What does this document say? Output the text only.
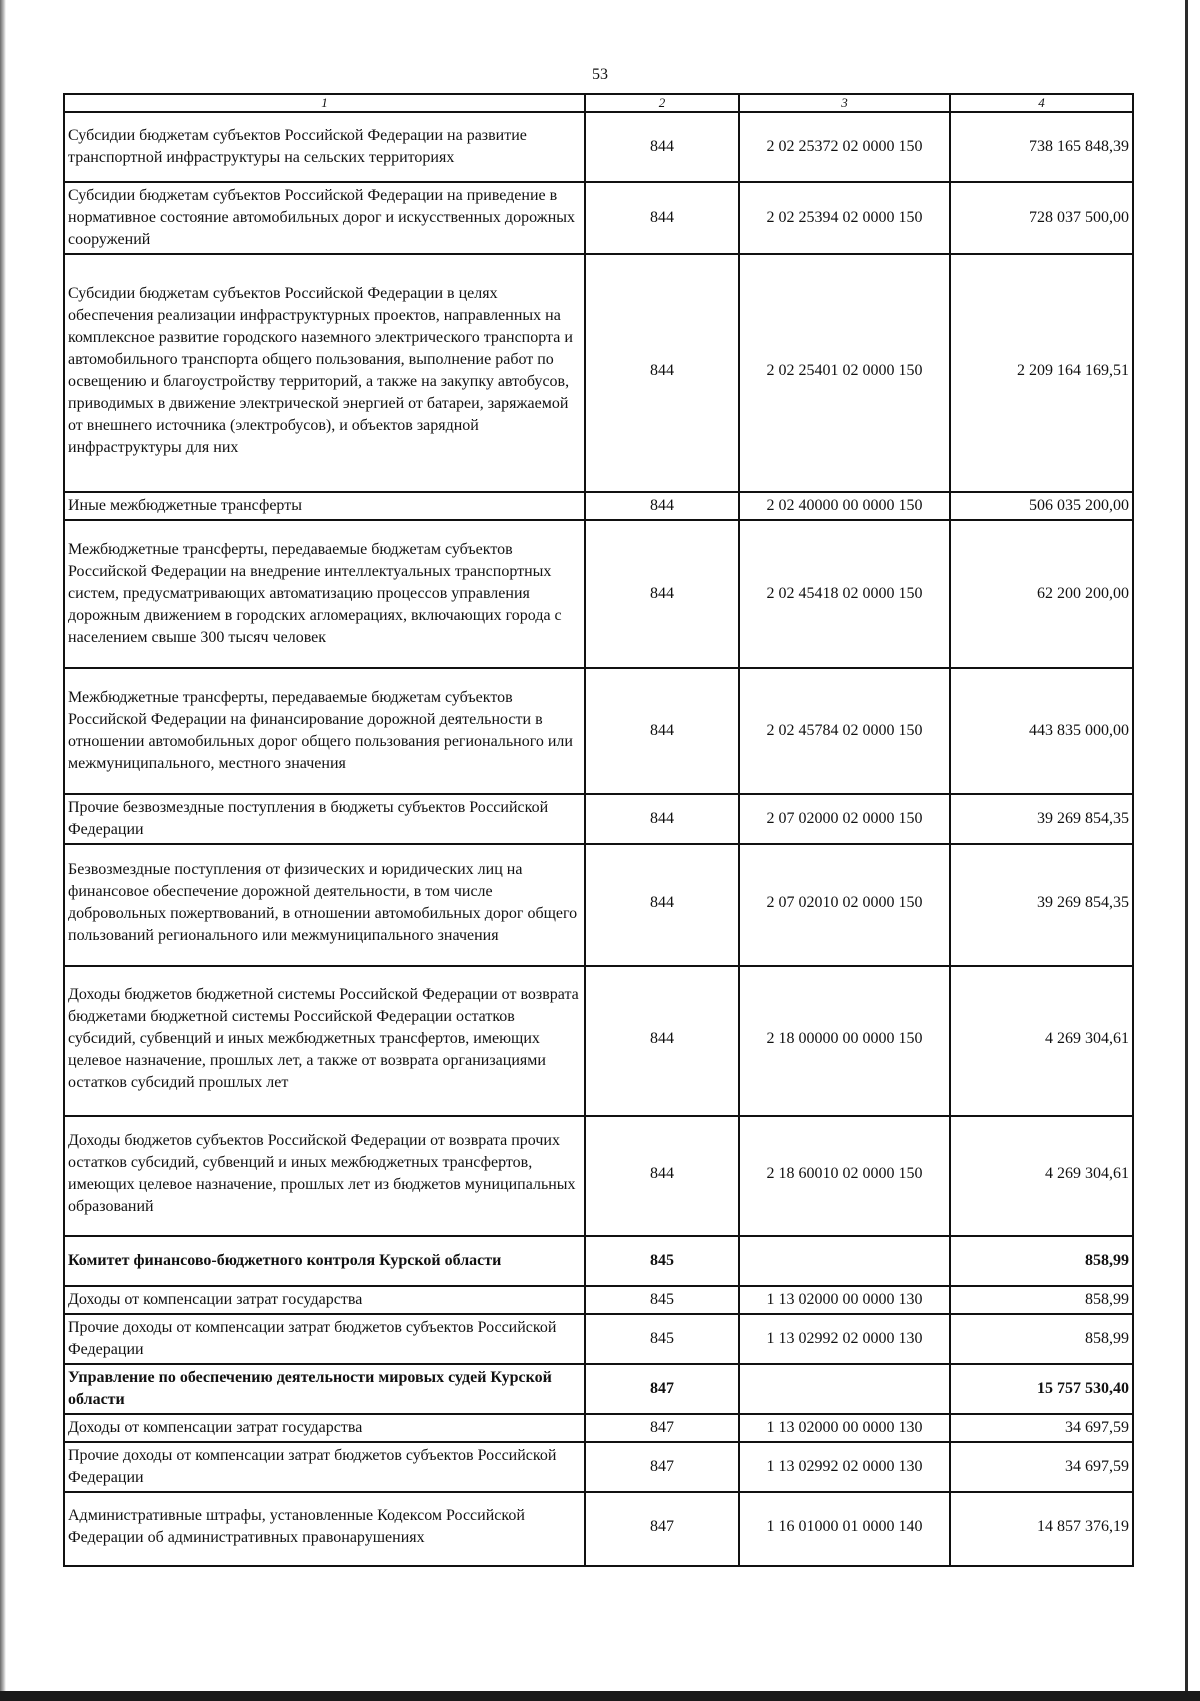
53
1	2	3	4
Субсидии бюджетам субъектов Российской Федерации на развитие транспортной инфраструктуры на сельских территориях	844	2 02 25372 02 0000 150	738 165 848,39
Субсидии бюджетам субъектов Российской Федерации на приведение в нормативное состояние автомобильных дорог и искусственных дорожных сооружений	844	2 02 25394 02 0000 150	728 037 500,00
Субсидии бюджетам субъектов Российской Федерации в целях обеспечения реализации инфраструктурных проектов, направленных на комплексное развитие городского наземного электрического транспорта и автомобильного транспорта общего пользования, выполнение работ по освещению и благоустройству территорий, а также на закупку автобусов, приводимых в движение электрической энергией от батареи, заряжаемой от внешнего источника (электробусов), и объектов зарядной инфраструктуры для них	844	2 02 25401 02 0000 150	2 209 164 169,51
Иные межбюджетные трансферты	844	2 02 40000 00 0000 150	506 035 200,00
Межбюджетные трансферты, передаваемые бюджетам субъектов Российской Федерации на внедрение интеллектуальных транспортных систем, предусматривающих автоматизацию процессов управления дорожным движением в городских агломерациях, включающих города с населением свыше 300 тысяч человек	844	2 02 45418 02 0000 150	62 200 200,00
Межбюджетные трансферты, передаваемые бюджетам субъектов Российской Федерации на финансирование дорожной деятельности в отношении автомобильных дорог общего пользования регионального или межмуниципального, местного значения	844	2 02 45784 02 0000 150	443 835 000,00
Прочие безвозмездные поступления в бюджеты субъектов Российской Федерации	844	2 07 02000 02 0000 150	39 269 854,35
Безвозмездные поступления от физических и юридических лиц на финансовое обеспечение дорожной деятельности, в том числе добровольных пожертвований, в отношении автомобильных дорог общего пользований регионального или межмуниципального значения	844	2 07 02010 02 0000 150	39 269 854,35
Доходы бюджетов бюджетной системы Российской Федерации от возврата бюджетами бюджетной системы Российской Федерации остатков субсидий, субвенций и иных межбюджетных трансфертов, имеющих целевое назначение, прошлых лет, а также от возврата организациями остатков субсидий прошлых лет	844	2 18 00000 00 0000 150	4 269 304,61
Доходы бюджетов субъектов Российской Федерации от возврата прочих остатков субсидий, субвенций и иных межбюджетных трансфертов, имеющих целевое назначение, прошлых лет из бюджетов муниципальных образований	844	2 18 60010 02 0000 150	4 269 304,61
Комитет финансово-бюджетного контроля Курской области	845		858,99
Доходы от компенсации затрат государства	845	1 13 02000 00 0000 130	858,99
Прочие доходы от компенсации затрат бюджетов субъектов Российской Федерации	845	1 13 02992 02 0000 130	858,99
Управление по обеспечению деятельности мировых судей Курской области	847		15 757 530,40
Доходы от компенсации затрат государства	847	1 13 02000 00 0000 130	34 697,59
Прочие доходы от компенсации затрат бюджетов субъектов Российской Федерации	847	1 13 02992 02 0000 130	34 697,59
Административные штрафы, установленные Кодексом Российской Федерации об административных правонарушениях	847	1 16 01000 01 0000 140	14 857 376,19
